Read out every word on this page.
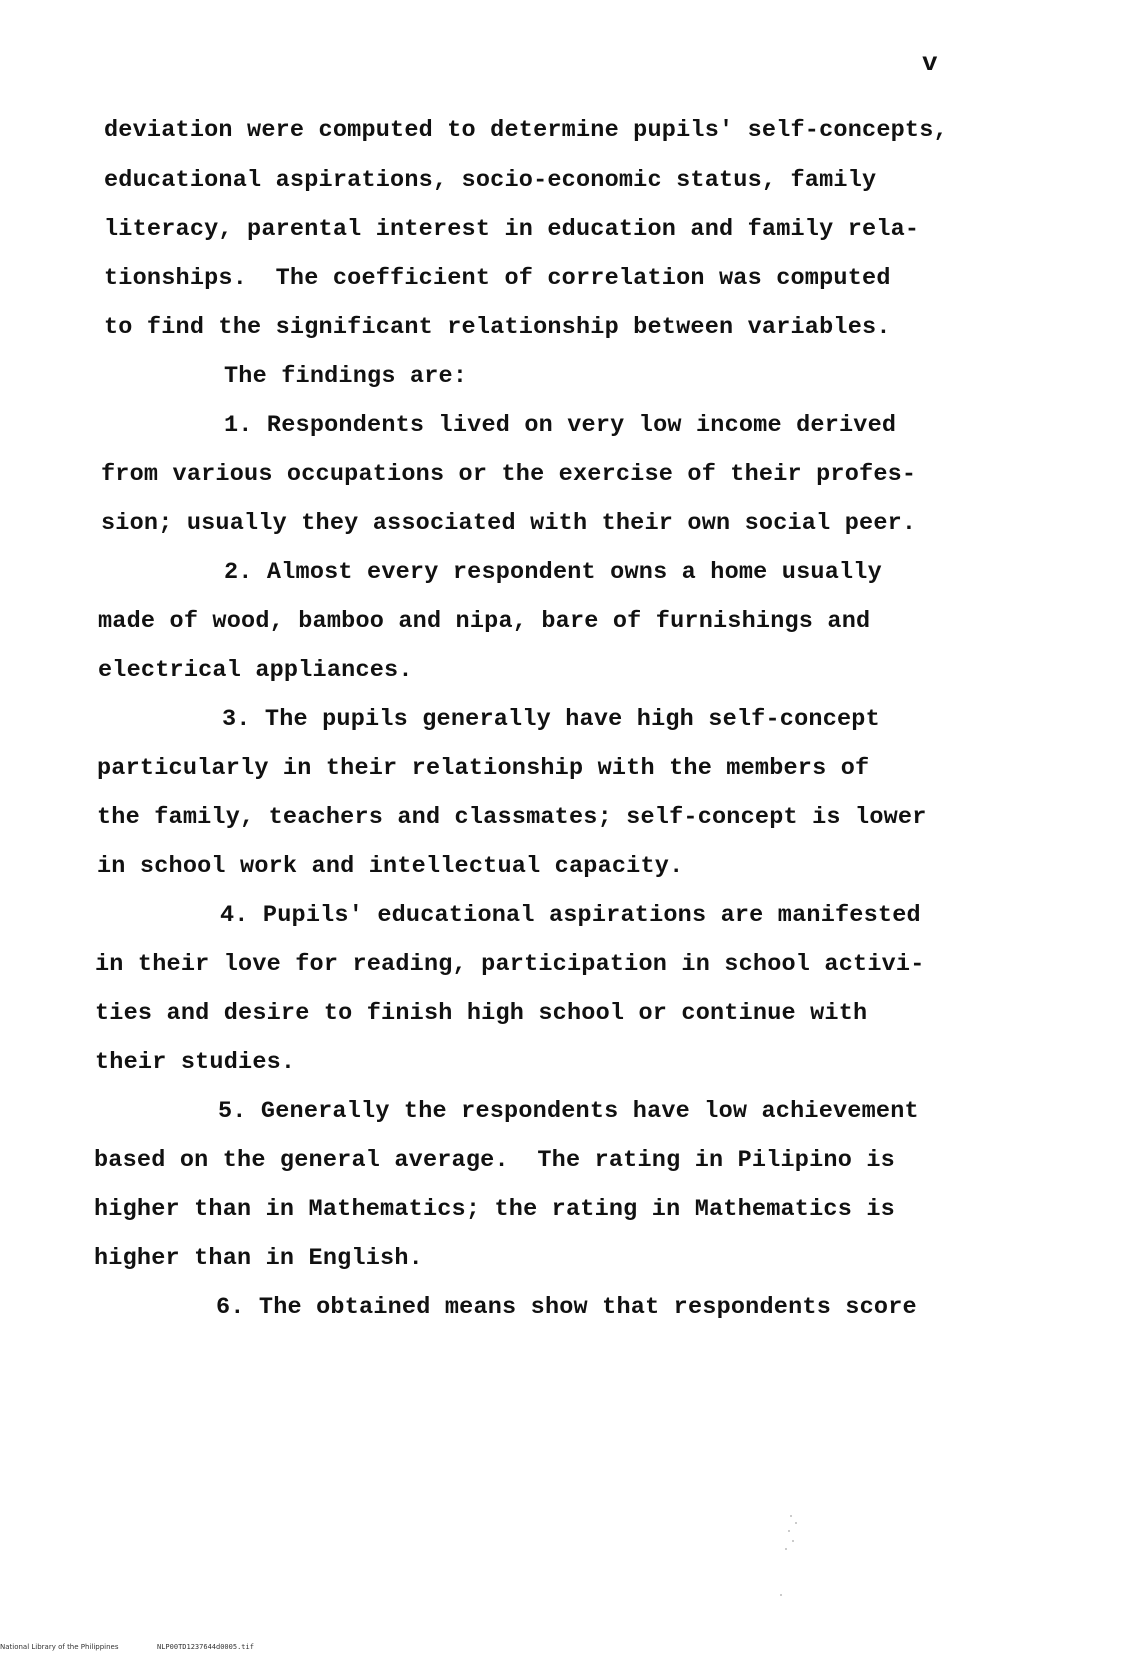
v
deviation were computed to determine pupils' self-concepts,
educational aspirations, socio-economic status, family
literacy, parental interest in education and family rela-
tionships.  The coefficient of correlation was computed
to find the significant relationship between variables.
The findings are:
1. Respondents lived on very low income derived
from various occupations or the exercise of their profes-
sion; usually they associated with their own social peer.
2. Almost every respondent owns a home usually
made of wood, bamboo and nipa, bare of furnishings and
electrical appliances.
3. The pupils generally have high self-concept
particularly in their relationship with the members of
the family, teachers and classmates; self-concept is lower
in school work and intellectual capacity.
4. Pupils' educational aspirations are manifested
in their love for reading, participation in school activi-
ties and desire to finish high school or continue with
their studies.
5. Generally the respondents have low achievement
based on the general average.  The rating in Pilipino is
higher than in Mathematics; the rating in Mathematics is
higher than in English.
6. The obtained means show that respondents score
National Library of the Philippines	NLP00TD1237644d0005.tif
